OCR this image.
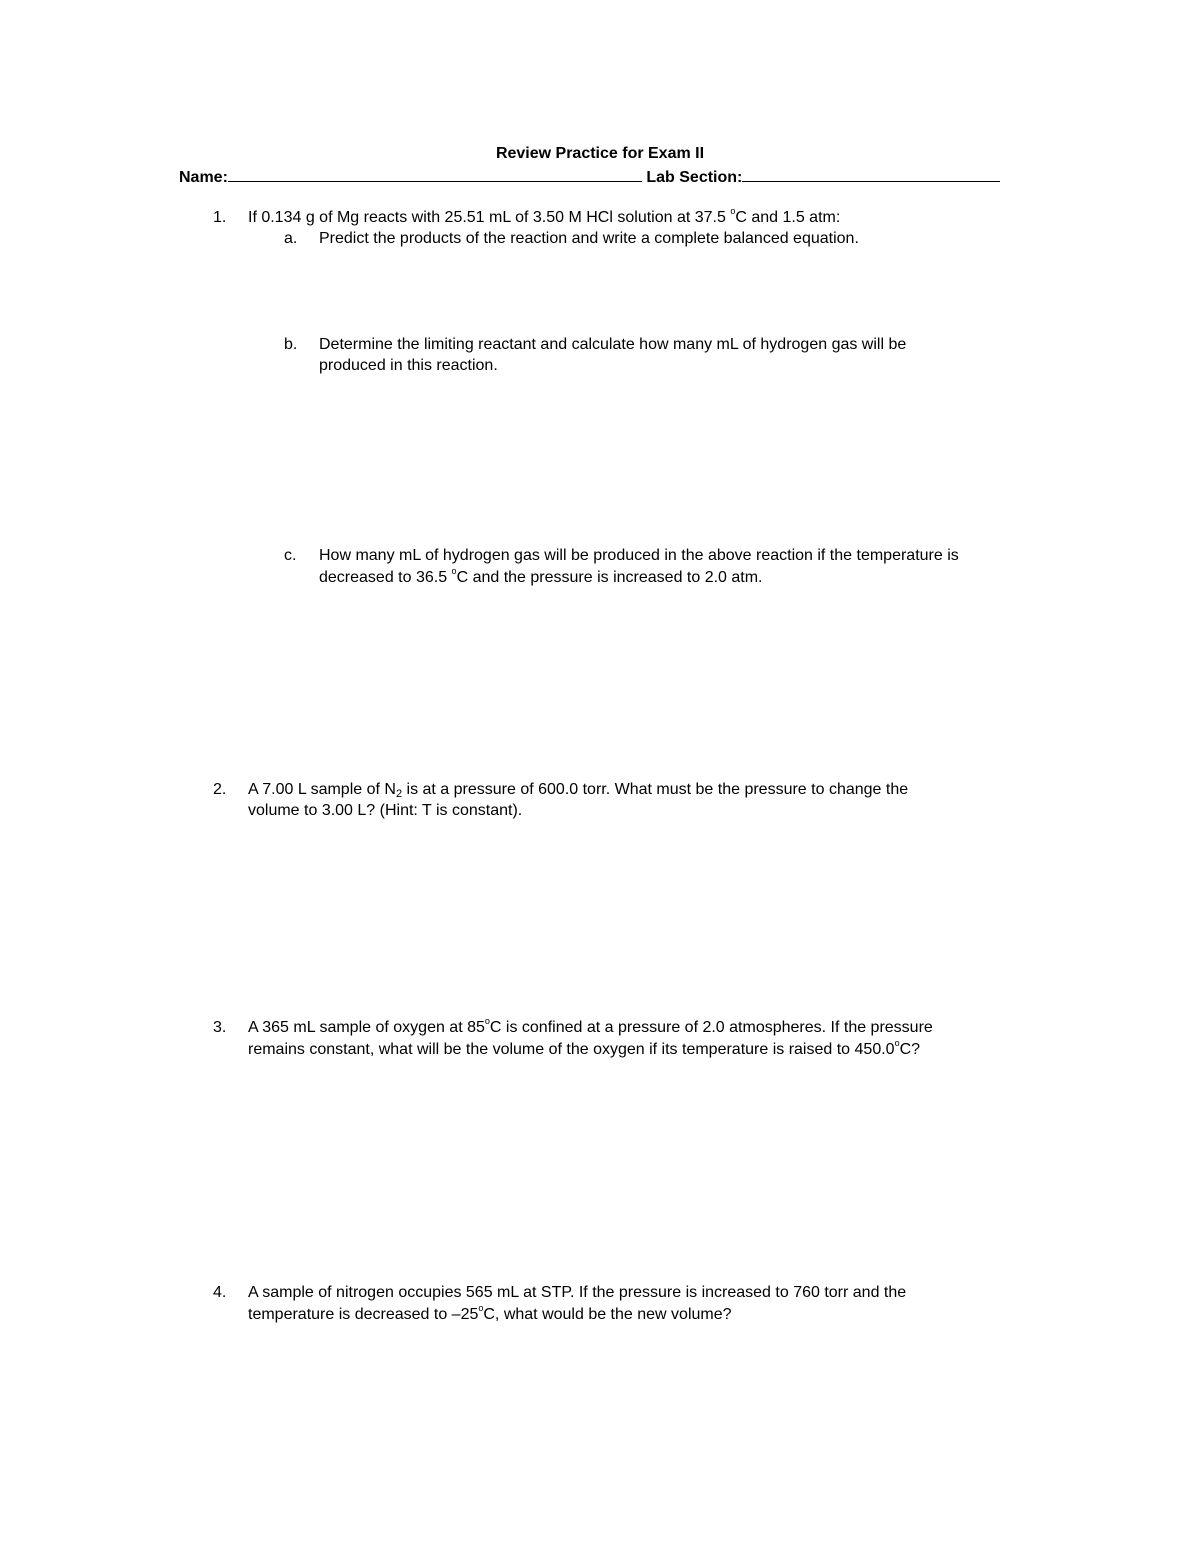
Review Practice for Exam II
Name:	Lab Section:
1. If 0.134 g of Mg reacts with 25.51 mL of 3.50 M HCl solution at 37.5 $^o$C and 1.5 atm:
a. Predict the products of the reaction and write a complete balanced equation.
b. Determine the limiting reactant and calculate how many mL of hydrogen gas will be
produced in this reaction.
c. How many mL of hydrogen gas will be produced in the above reaction if the temperature is
decreased to 36.5 $^o$C and the pressure is increased to 2.0 atm.
2. A 7.00 L sample of $N_2$ is at a pressure of 600.0 torr. What must be the pressure to change the
volume to 3.00 L? (Hint: T is constant).
3. A 365 mL sample of oxygen at 85$^o$C is confined at a pressure of 2.0 atmospheres. If the pressure
remains constant, what will be the volume of the oxygen if its temperature is raised to 450.0$^o$C?
4. A sample of nitrogen occupies 565 mL at STP. If the pressure is increased to 760 torr and the
temperature is decreased to –25$^o$C, what would be the new volume?
